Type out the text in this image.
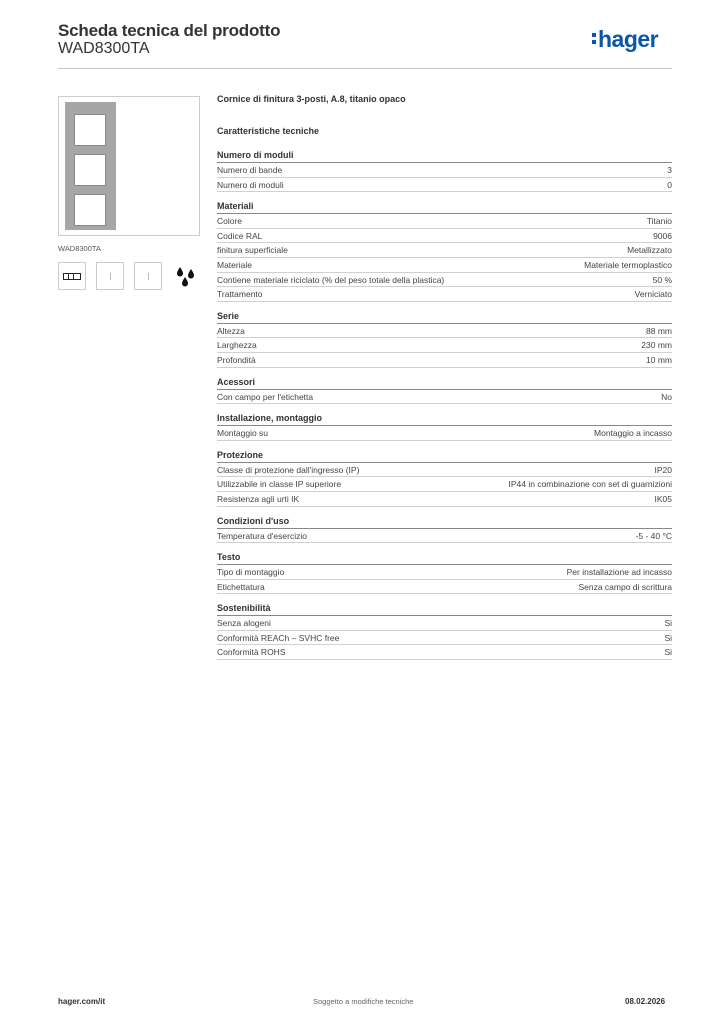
Scheda tecnica del prodotto
WAD8300TA	hager
WAD8300TA
Cornice di finitura 3-posti, A.8, titanio opaco
Caratteristiche tecniche
Numero di moduli
Numero di bande	3
Numero di moduli	0
Materiali
Colore	Titanio
Codice RAL	9006
finitura superficiale	Metallizzato
Materiale	Materiale termoplastico
Contiene materiale riciclato (% del peso totale della plastica)	50 %
Trattamento	Verniciato
Serie
Altezza	88 mm
Larghezza	230 mm
Profondità	10 mm
Acessori
Con campo per l'etichetta	No
Installazione, montaggio
Montaggio su	Montaggio a incasso
Protezione
Classe di protezione dall'ingresso (IP)	IP20
Utilizzabile in classe IP superiore	IP44 in combinazione con set di guarnizioni
Resistenza agli urti IK	IK05
Condizioni d'uso
Temperatura d'esercizio	-5 - 40 °C
Testo
Tipo di montaggio	Per installazione ad incasso
Etichettatura	Senza campo di scrittura
Sostenibilità
Senza alogeni	Si
Conformità REACh – SVHC free	Si
Conformità ROHS	Si
hager.com/it	Soggetto a modifiche tecniche	08.02.2026
